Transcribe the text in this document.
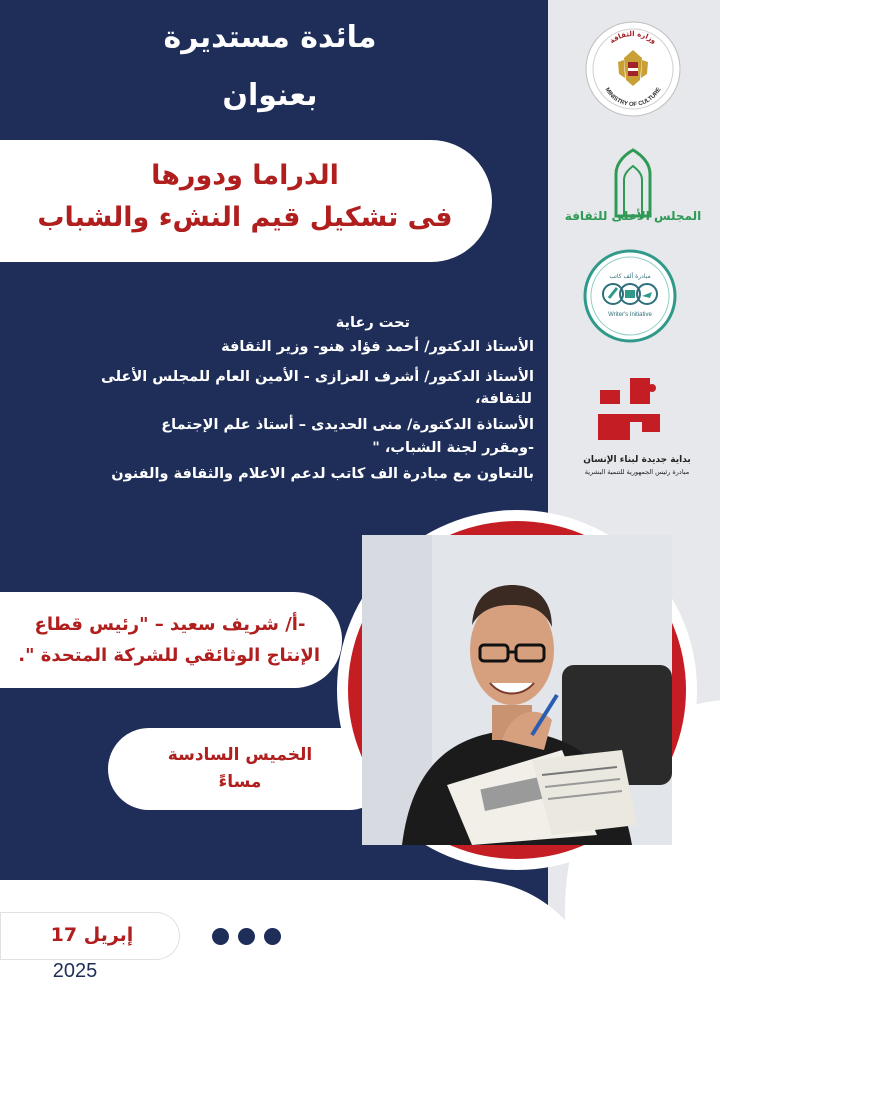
مائدة مستديرة
بعنوان
الدراما ودورها
فى تشكيل قيم النشء والشباب
تحت رعاية
الأستاذ الدكتور/ أحمد فؤاد هنو- وزير الثقافة
الأستاذ الدكتور/ أشرف العزازى - الأمين العام للمجلس الأعلى
للثقافة،
الأستاذة الدكتورة/ منى الحديدى – أستاذ علم الإجتماع
-ومقرر لجنة الشباب، "
بالتعاون مع مبادرة الف كاتب لدعم الاعلام والثقافة والفنون
-أ/ شريف سعيد – "رئيس قطاع
الإنتاج الوثائقي للشركة المتحدة ".
الخميس السادسة
مساءً
إبريل 17
2025
وزارة الثقافة
MINISTRY OF CULTURE
المجلس الأعلى للثقافة
مبادرة ألف كاتب
Writer's Initiative
بداية جديدة لبناء الإنسان
مبادرة رئيس الجمهورية للتنمية البشرية
